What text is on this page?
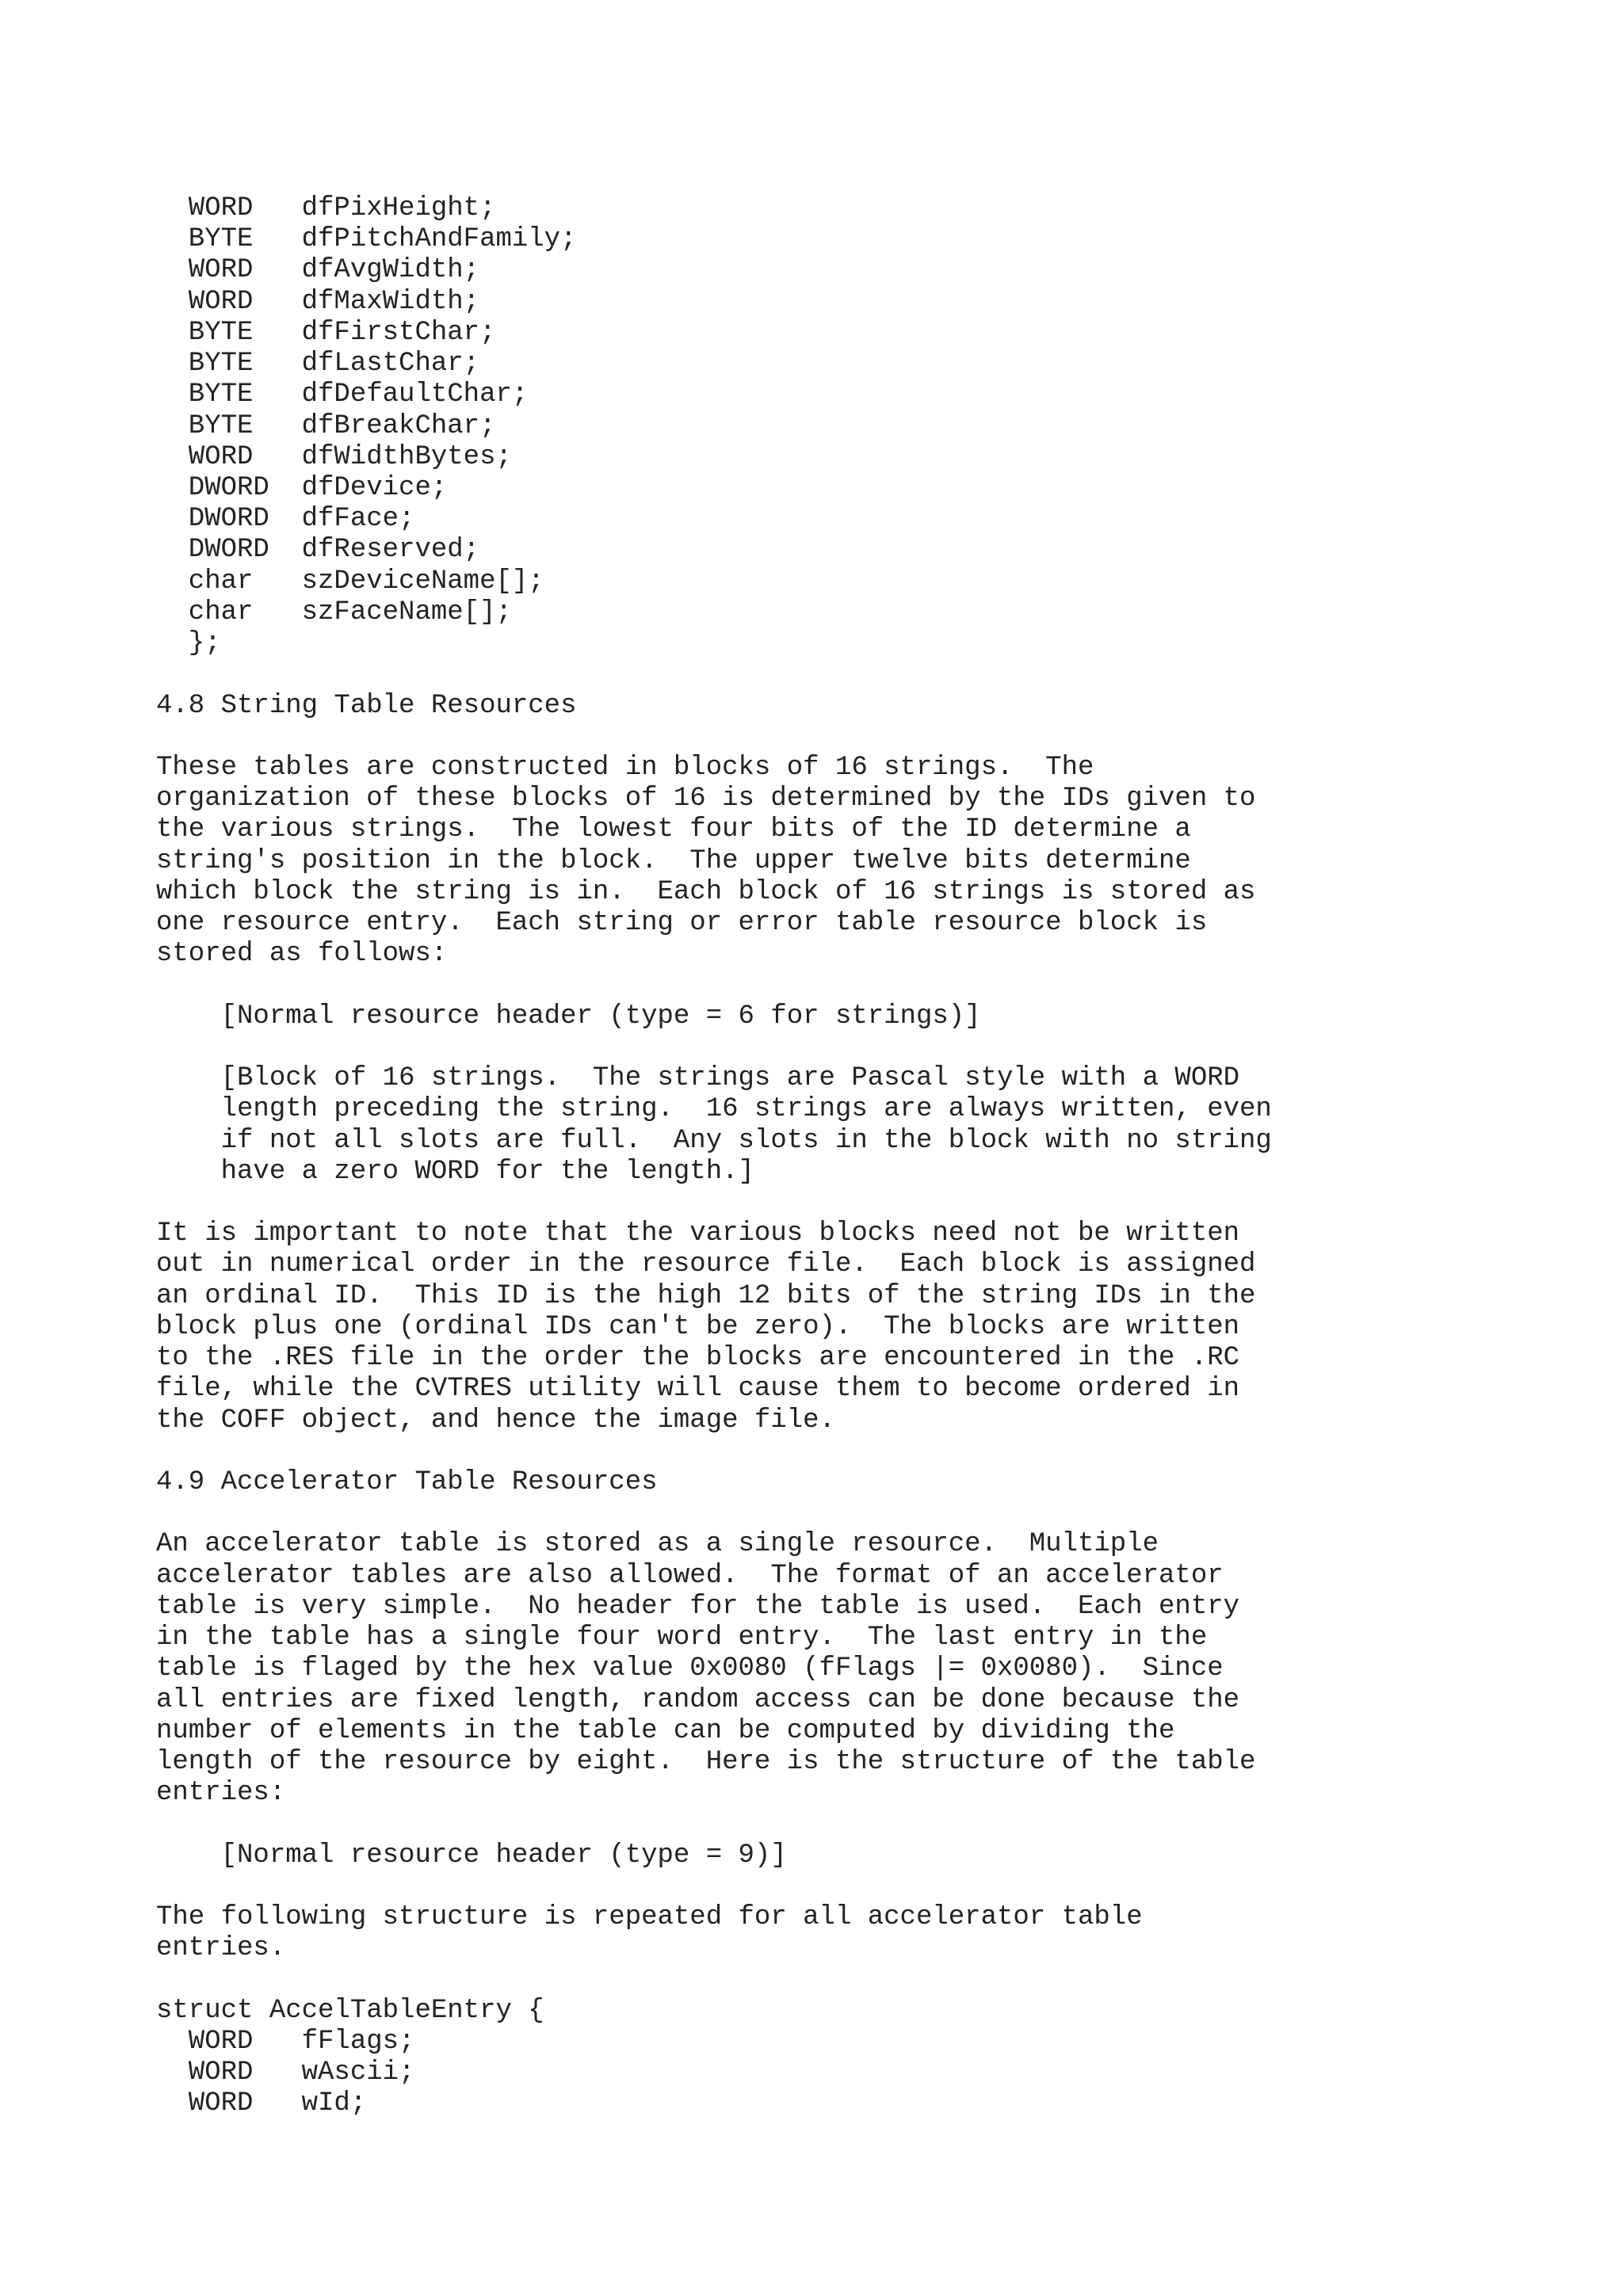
WORD   dfPixHeight;
BYTE   dfPitchAndFamily;
WORD   dfAvgWidth;
WORD   dfMaxWidth;
BYTE   dfFirstChar;
BYTE   dfLastChar;
BYTE   dfDefaultChar;
BYTE   dfBreakChar;
WORD   dfWidthBytes;
DWORD  dfDevice;
DWORD  dfFace;
DWORD  dfReserved;
char   szDeviceName[];
char   szFaceName[];
};
4.8 String Table Resources
These tables are constructed in blocks of 16 strings.  The
organization of these blocks of 16 is determined by the IDs given to
the various strings.  The lowest four bits of the ID determine a
string's position in the block.  The upper twelve bits determine
which block the string is in.  Each block of 16 strings is stored as
one resource entry.  Each string or error table resource block is
stored as follows:
[Normal resource header (type = 6 for strings)]
[Block of 16 strings.  The strings are Pascal style with a WORD
length preceding the string.  16 strings are always written, even
if not all slots are full.  Any slots in the block with no string
have a zero WORD for the length.]
It is important to note that the various blocks need not be written
out in numerical order in the resource file.  Each block is assigned
an ordinal ID.  This ID is the high 12 bits of the string IDs in the
block plus one (ordinal IDs can't be zero).  The blocks are written
to the .RES file in the order the blocks are encountered in the .RC
file, while the CVTRES utility will cause them to become ordered in
the COFF object, and hence the image file.
4.9 Accelerator Table Resources
An accelerator table is stored as a single resource.  Multiple
accelerator tables are also allowed.  The format of an accelerator
table is very simple.  No header for the table is used.  Each entry
in the table has a single four word entry.  The last entry in the
table is flaged by the hex value 0x0080 (fFlags |= 0x0080).  Since
all entries are fixed length, random access can be done because the
number of elements in the table can be computed by dividing the
length of the resource by eight.  Here is the structure of the table
entries:
[Normal resource header (type = 9)]
The following structure is repeated for all accelerator table
entries.
struct AccelTableEntry {
WORD   fFlags;
WORD   wAscii;
WORD   wId;
